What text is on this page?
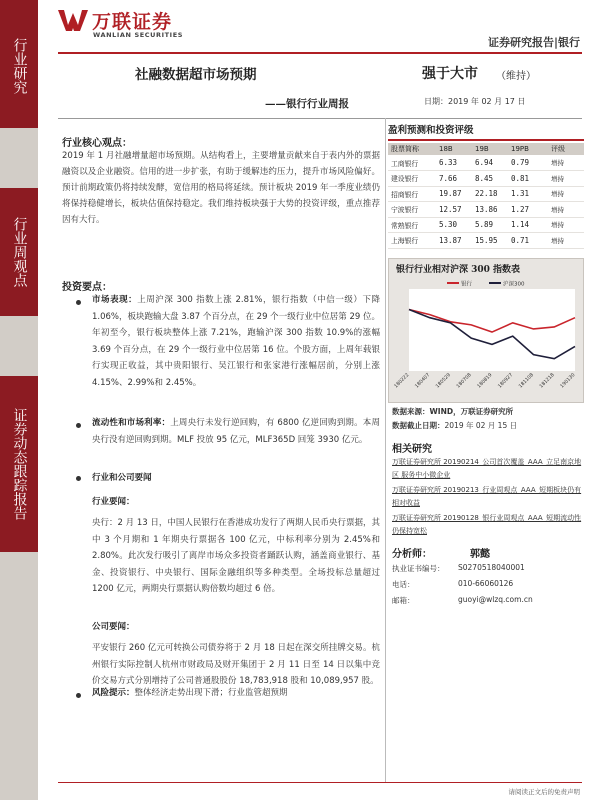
行业研究
行业周观点
证券动态跟踪报告
万联证券
WANLIAN SECURITIES
证券研究报告|银行
社融数据超市场预期
——银行行业周报
强于大市 （维持）
日期：2019 年 02 月 17 日
行业核心观点：
2019 年 1 月社融增量超市场预期。从结构看上，主要增量贡献来自于表内外的票据融资以及企业融资。信用的进一步扩张，有助于缓解违约压力，提升市场风险偏好。预计前期政策仍将持续发酵，宽信用的格局将延续。预计板块 2019 年一季度业绩仍将保持稳健增长，板块估值保持稳定。我们维持板块强于大势的投资评级，重点推荐因有大行。
投资要点：
市场表现：上周沪深 300 指数上涨 2.81%，银行指数（中信一级）下降 1.06%，板块跑输大盘 3.87 个百分点，在 29 个一级行业中位居第 29 位。年初至今，银行板块整体上涨 7.21%，跑输沪深 300 指数 10.9%的涨幅 3.69 个百分点，在 29 个一级行业中位居第 16 位。个股方面，上周年载银行实现正收益，其中贵阳银行、吴江银行和张家港行涨幅居前，分别上涨 4.15%、2.99%和 2.45%。
流动性和市场利率：上周央行未发行逆回购，有 6800 亿逆回购到期。本周央行没有逆回购到期。MLF 投放 95 亿元，MLF365D 回笼 3930 亿元。
行业和公司要闻
行业要闻：
央行：2 月 13 日，中国人民银行在香港成功发行了两期人民币央行票据，其中 3 个月期和 1 年期央行票据各 100 亿元，中标利率分别为 2.45%和 2.80%。此次发行吸引了离岸市场众多投资者踊跃认购，涵盖商业银行、基金、投资银行、中央银行、国际金融组织等多种类型。全场投标总量超过 1200 亿元，两期央行票据认购倍数均超过 6 倍。
公司要闻：
平安银行 260 亿元可转换公司债券将于 2 月 18 日起在深交所挂牌交易。杭州银行实际控制人杭州市财政局及财开集团于 2 月 11 日至 14 日以集中竞价交易方式分别增持了公司普通股股份 18,783,918 股和 10,089,957 股。
风险提示：整体经济走势出现下滑；行业监管超预期
盈利预测和投资评级
股票简称	18B	19B	19PB	评级
工商银行	6.33	6.94	0.79	增持
建设银行	7.66	8.45	0.81	增持
招商银行	19.87	22.18	1.31	增持
宁波银行	12.57	13.86	1.27	增持
常熟银行	5.30	5.89	1.14	增持
上海银行	13.87	15.95	0.71	增持
银行	沪深300
180222 180407 180529 180708 180819 180927 181108 181218 190130
银行行业相对沪深 300 指数表
数据来源：WIND，万联证券研究所
数据截止日期：2019 年 02 月 15 日
相关研究
万联证券研究所 20190214_公司首次覆盖_AAA_立足南京地区 服务中小微企业
万联证券研究所 20190213_行业周观点_AAA_短期板块仍有相对收益
万联证券研究所 20190128_银行业周观点_AAA_短期流动性仍保持宽松
分析师：	郭懿
执业证书编号： S0270518040001
电话：	010-66060126
邮箱：	guoyi@wlzq.com.cn
请阅读正文后的免责声明
